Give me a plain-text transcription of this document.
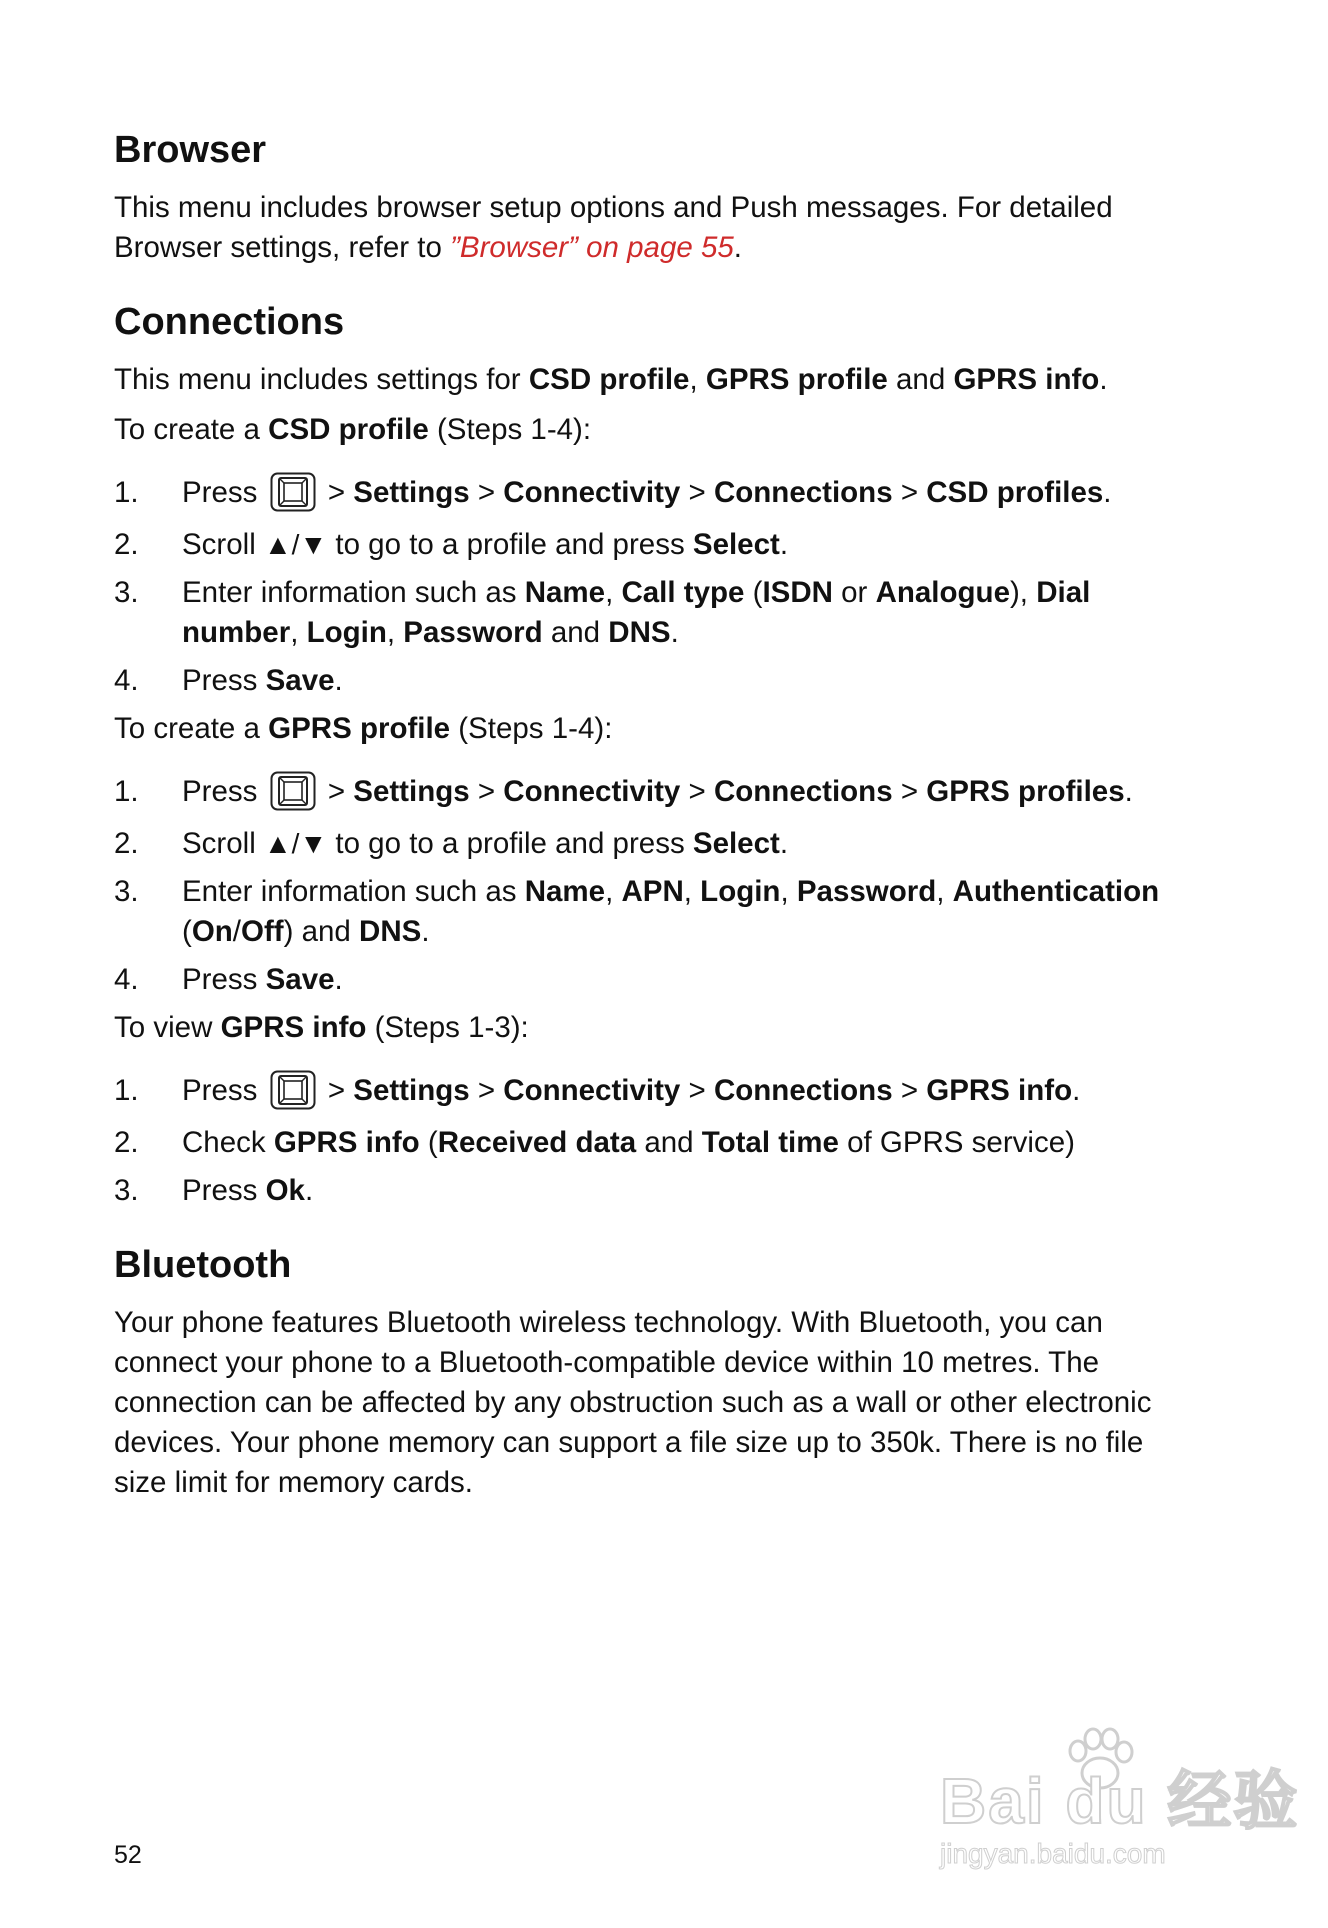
Browser

This menu includes browser setup options and Push messages. For detailed Browser settings, refer to ”Browser” on page 55.

Connections

This menu includes settings for CSD profile, GPRS profile and GPRS info.

To create a CSD profile (Steps 1-4):

1.	Press > Settings > Connectivity > Connections > CSD profiles.
2.	Scroll ▲/▼ to go to a profile and press Select.
3.	Enter information such as Name, Call type (ISDN or Analogue), Dial number, Login, Password and DNS.
4.	Press Save.

To create a GPRS profile (Steps 1-4):

1.	Press > Settings > Connectivity > Connections > GPRS profiles.
2.	Scroll ▲/▼ to go to a profile and press Select.
3.	Enter information such as Name, APN, Login, Password, Authentication (On/Off) and DNS.
4.	Press Save.

To view GPRS info (Steps 1-3):

1.	Press > Settings > Connectivity > Connections > GPRS info.
2.	Check GPRS info (Received data and Total time of GPRS service)
3.	Press Ok.
Bluetooth

Your phone features Bluetooth wireless technology. With Bluetooth, you can connect your phone to a Bluetooth-compatible device within 10 metres. The connection can be affected by any obstruction such as a wall or other electronic devices. Your phone memory can support a file size up to 350k. There is no file size limit for memory cards.

52
Bai du 经验
jingyan.baidu.com
